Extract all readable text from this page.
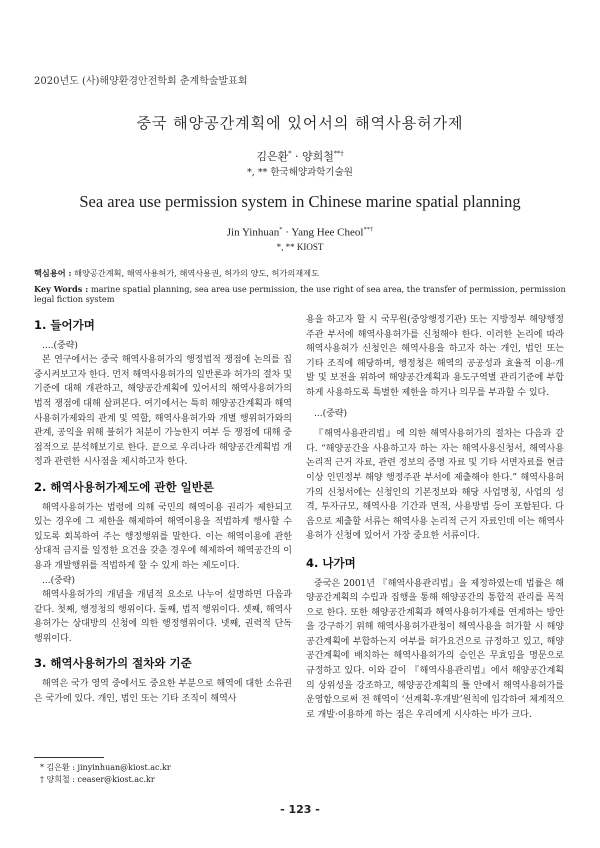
2020년도 (사)해양환경안전학회 춘계학술발표회
중국 해양공간계획에 있어서의 해역사용허가제
김은환* · 양희철**†
*, ** 한국해양과학기술원
Sea area use permission system in Chinese marine spatial planning
Jin Yinhuan* · Yang Hee Cheol**†
*, ** KIOST
핵심용어 : 해양공간계획, 해역사용허가, 해역사용권, 허가의 양도, 허가의재제도
Key Words : marine spatial planning, sea area use permission, the use right of sea area, the transfer of permission, permission legal fiction system
1. 들어가며

....(중략)

본 연구에서는 중국 해역사용허가의 행정법적 쟁점에 논의를 집중시켜보고자 한다. 먼저 해역사용허가의 일반론과 허가의 절차 및 기준에 대해 개관하고, 해양공간계획에 있어서의 해역사용허가의 법적 쟁점에 대해 살펴본다. 여기에서는 특히 해양공간계획과 해역사용허가제와의 관계 및 역할, 해역사용허가와 개별 행위허가와의 관계, 공익을 위해 불허가 처분이 가능한지 여부 등 쟁점에 대해 중점적으로 분석해보기로 한다. 끝으로 우리나라 해양공간계획법 개정과 관련한 시사점을 제시하고자 한다.

2. 해역사용허가제도에 관한 일반론

해역사용허가는 법령에 의해 국민의 해역이용 권리가 제한되고 있는 경우에 그 제한을 해제하여 해역이용을 적법하게 행사할 수 있도록 회복하여 주는 행정행위를 말한다. 이는 해역이용에 관한 상대적 금지를 일정한 요건을 갖춘 경우에 해제하여 해역공간의 이용과 개발행위를 적법하게 할 수 있게 하는 제도이다.

...(중략)

해역사용허가의 개념을 개념적 요소로 나누어 설명하면 다음과 같다. 첫째, 행정청의 행위이다. 둘째, 법적 행위이다. 셋째, 해역사용허가는 상대방의 신청에 의한 행정행위이다. 넷째, 권력적 단독행위이다.

3. 해역사용허가의 절차와 기준

해역은 국가 영역 중에서도 중요한 부분으로 해역에 대한 소유권은 국가에 있다. 개인, 법인 또는 기타 조직이 해역사

용을 하고자 할 시 국무원(중앙행정기관) 또는 지방정부 해양행정주관 부서에 해역사용허가를 신청해야 한다. 이러한 논리에 따라 해역사용허가 신청인은 해역사용을 하고자 하는 개인, 법인 또는 기타 조직에 해당하며, 행정청은 해역의 공공성과 효율적 이용·개발 및 보전을 위하여 해양공간계획과 용도구역별 관리기준에 부합하게 사용하도록 특별한 제한을 하거나 의무를 부과할 수 있다.

...(중략)

『해역사용관리법』에 의한 해역사용허가의 절차는 다음과 같다. “해양공간을 사용하고자 하는 자는 해역사용신청서, 해역사용 논리적 근거 자료, 관련 정보의 증명 자료 및 기타 서면자료를 현급 이상 인민정부 해양 행정주관 부서에 제출해야 한다.” 해역사용허가의 신청서에는 신청인의 기본정보와 해당 사업명칭, 사업의 성격, 투자규모, 해역사용 기간과 면적, 사용방법 등이 포함된다. 다음으로 제출할 서류는 해역사용 논리적 근거 자료인데 이는 해역사용허가 신청에 있어서 가장 중요한 서류이다.

4. 나가며

중국은 2001년 『해역사용관리법』을 제정하였는데 법률은 해양공간계획의 수립과 집행을 통해 해양공간의 통합적 관리를 목적으로 한다. 또한 해양공간계획과 해역사용허가제를 연계하는 방안을 강구하기 위해 해역사용허가관청이 해역사용을 허가할 시 해양공간계획에 부합하는지 여부를 허가요건으로 규정하고 있고, 해양공간계획에 배치하는 해역사용허가의 승인은 무효임을 명문으로 규정하고 있다. 이와 같이 『해역사용관리법』에서 해양공간계획의 상위성을 강조하고, 해양공간계획의 틀 안에서 해역사용허가를 운영함으로써 전 해역이 ‘선계획-후개발’원칙에 입각하여 체계적으로 개발·이용하게 하는 점은 우리에게 시사하는 바가 크다.

* 김은환 : jinyinhuan@kiost.ac.kr
† 양희철 : ceaser@kiost.ac.kr
- 123 -
